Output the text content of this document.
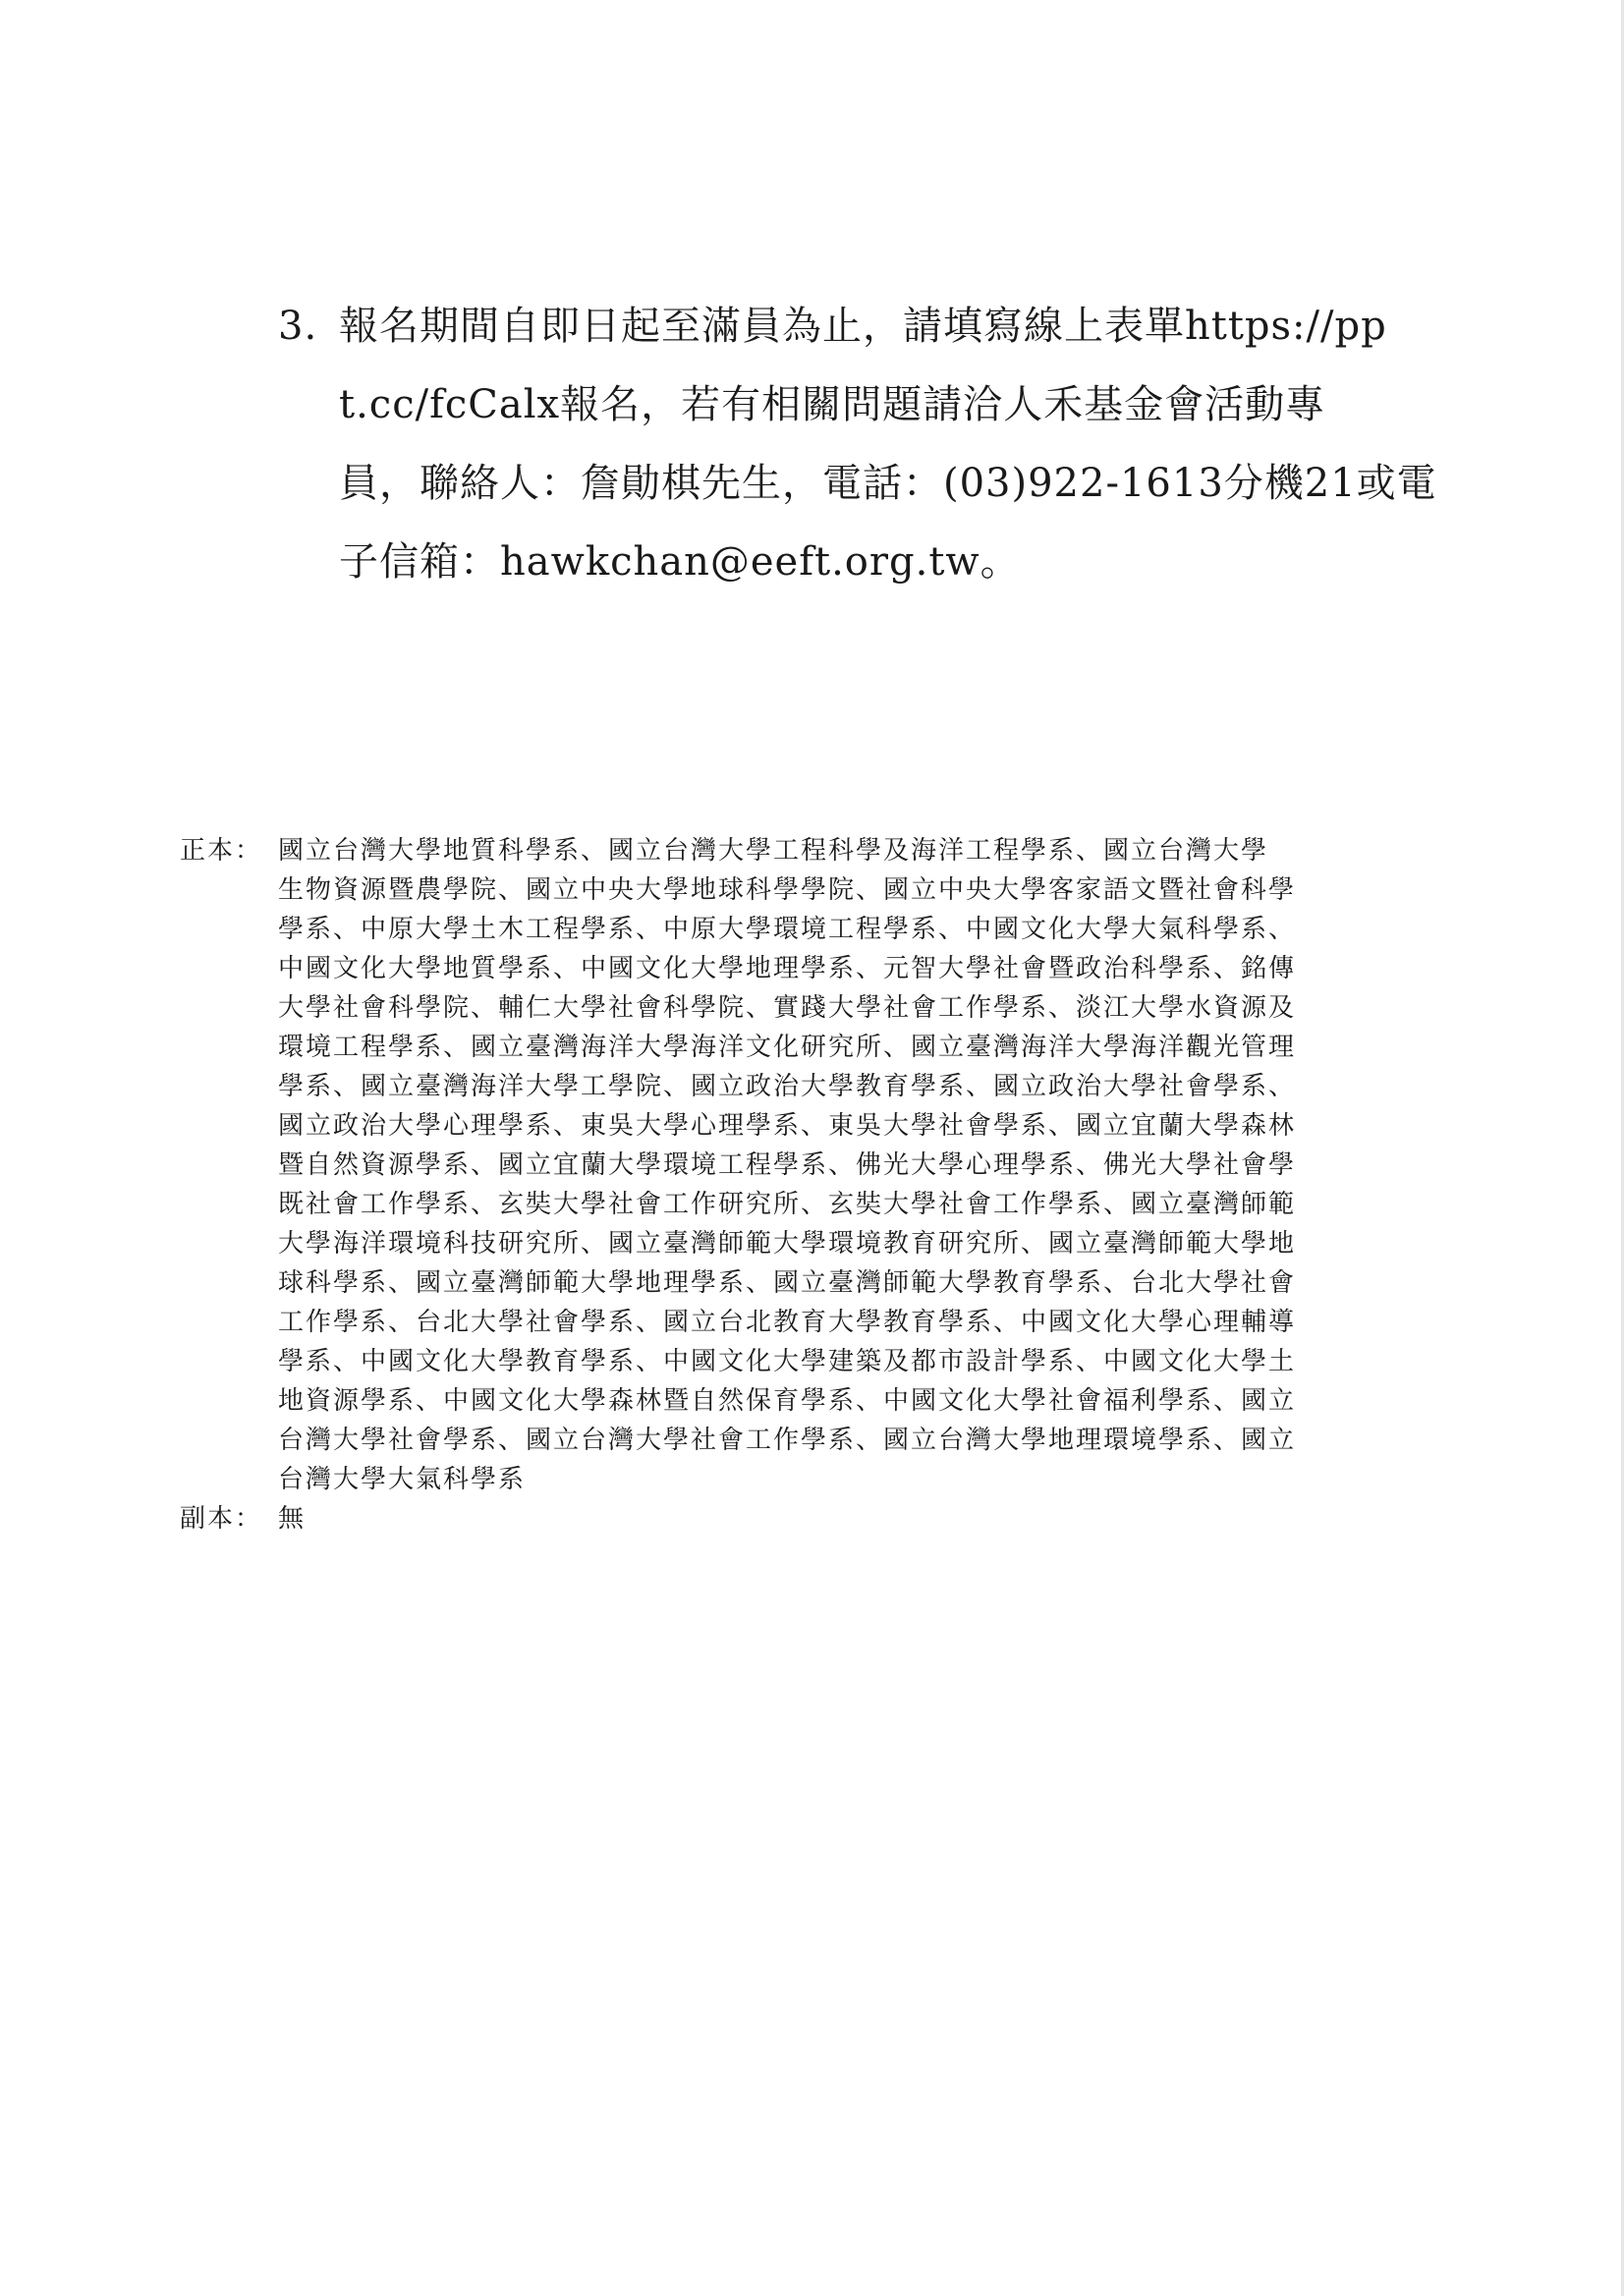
3. 報名期間自即日起至滿員為止，請填寫線上表單https://pp
t.cc/fcCalx報名，若有相關問題請洽人禾基金會活動專
員，聯絡人：詹勛棋先生，電話：(03)922-1613分機21或電
子信箱：hawkchan@eeft.org.tw。
正本： 國立台灣大學地質科學系、國立台灣大學工程科學及海洋工程學系、國立台灣大學
生物資源暨農學院、國立中央大學地球科學學院、國立中央大學客家語文暨社會科學
學系、中原大學土木工程學系、中原大學環境工程學系、中國文化大學大氣科學系、
中國文化大學地質學系、中國文化大學地理學系、元智大學社會暨政治科學系、銘傳
大學社會科學院、輔仁大學社會科學院、實踐大學社會工作學系、淡江大學水資源及
環境工程學系、國立臺灣海洋大學海洋文化研究所、國立臺灣海洋大學海洋觀光管理
學系、國立臺灣海洋大學工學院、國立政治大學教育學系、國立政治大學社會學系、
國立政治大學心理學系、東吳大學心理學系、東吳大學社會學系、國立宜蘭大學森林
暨自然資源學系、國立宜蘭大學環境工程學系、佛光大學心理學系、佛光大學社會學
既社會工作學系、玄奘大學社會工作研究所、玄奘大學社會工作學系、國立臺灣師範
大學海洋環境科技研究所、國立臺灣師範大學環境教育研究所、國立臺灣師範大學地
球科學系、國立臺灣師範大學地理學系、國立臺灣師範大學教育學系、台北大學社會
工作學系、台北大學社會學系、國立台北教育大學教育學系、中國文化大學心理輔導
學系、中國文化大學教育學系、中國文化大學建築及都市設計學系、中國文化大學土
地資源學系、中國文化大學森林暨自然保育學系、中國文化大學社會福利學系、國立
台灣大學社會學系、國立台灣大學社會工作學系、國立台灣大學地理環境學系、國立
台灣大學大氣科學系
副本： 無
